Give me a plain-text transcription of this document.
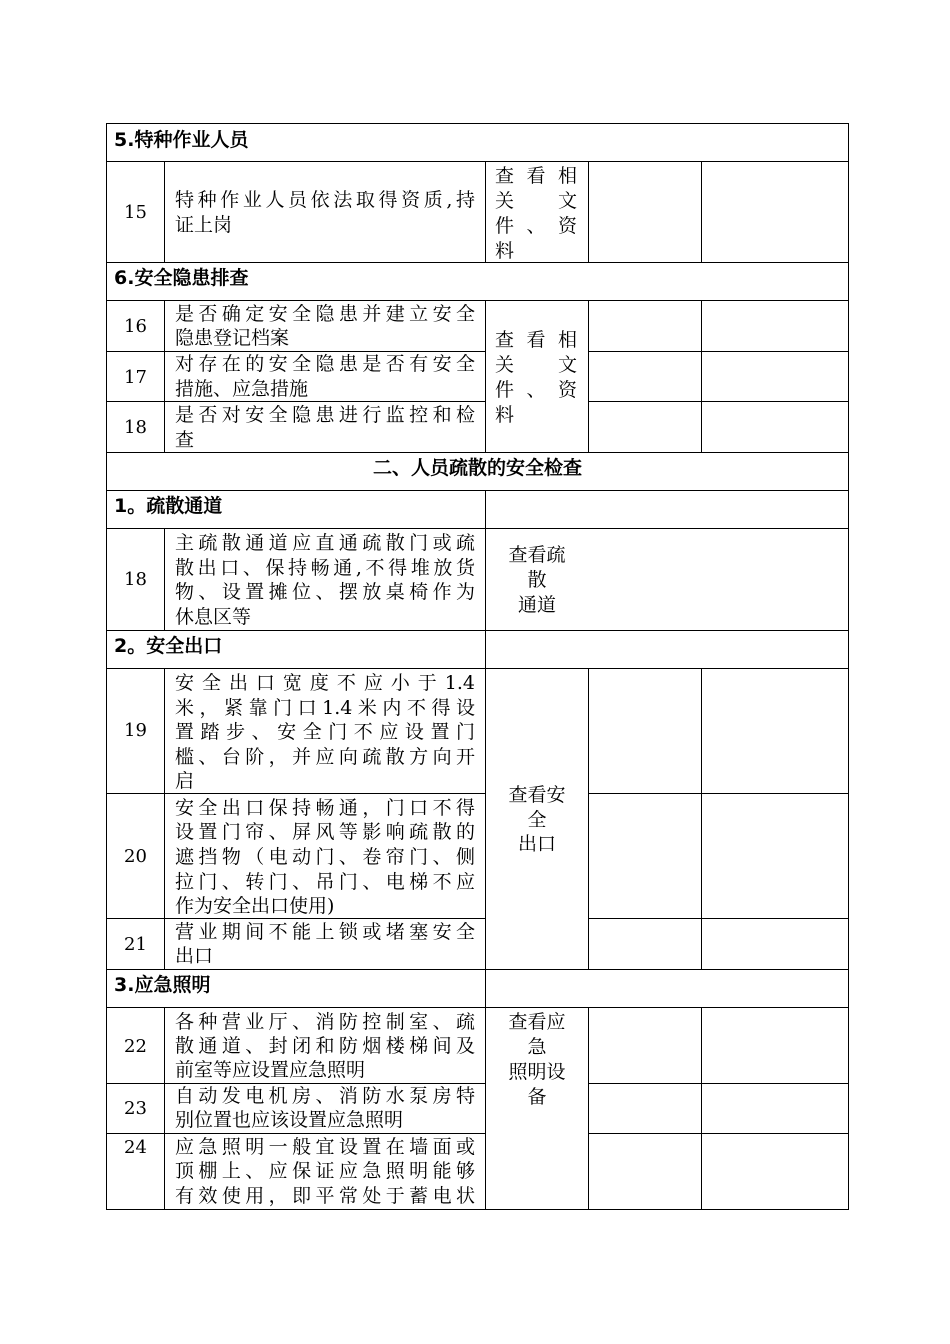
5.特种作业人员
6.安全隐患排查
二、人员疏散的安全检查
1。疏散通道
2。安全出口
3.应急照明
15
特种作业人员依法取得资质,持
证上岗
查看相
关　文
件、资
料
16
是否确定安全隐患并建立安全
隐患登记档案
17
对存在的安全隐患是否有安全
措施、应急措施
18
是否对安全隐患进行监控和检
查
查看相
关　文
件、资
料
18
主疏散通道应直通疏散门或疏
散出口、保持畅通,不得堆放货
物、设置摊位、摆放桌椅作为
休息区等
查看疏
散
通道
19
安全出口宽度不应小于1.4
米，紧靠门口1.4米内不得设
置踏步、安全门不应设置门
槛、台阶，并应向疏散方向开
启
20
安全出口保持畅通，门口不得
设置门帘、屏风等影响疏散的
遮挡物（电动门、卷帘门、侧
拉门、转门、吊门、电梯不应
作为安全出口使用)
查看安
全
出口
21
营业期间不能上锁或堵塞安全
出口
22
各种营业厅、消防控制室、疏
散通道、封闭和防烟楼梯间及
前室等应设置应急照明
23
自动发电机房、消防水泵房特
别位置也应该设置应急照明
24	应急照明一般宜设置在墙面或
顶棚上、应保证应急照明能够
有效使用，即平常处于蓄电状
查看应
急
照明设
备
